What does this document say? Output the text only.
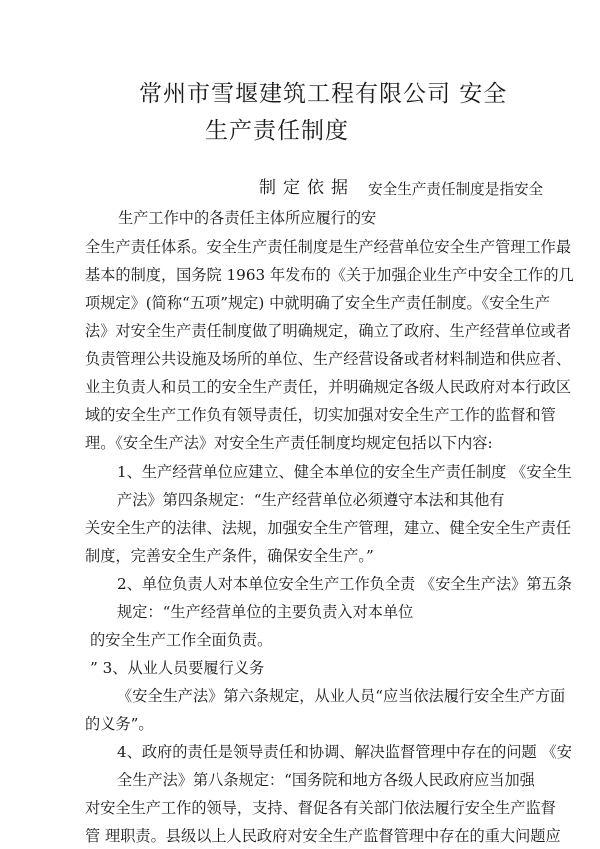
常州市雪堰建筑工程有限公司 安全
生产责任制度
制定依据 安全生产责任制度是指安全
生产工作中的各责任主体所应履行的安
全生产责任体系。安全生产责任制度是生产经营单位安全生产管理工作最
基本的制度，国务院 1963 年发布的《关于加强企业生产中安全工作的几
项规定》(简称“五项”规定) 中就明确了安全生产责任制度。《安全生产
法》对安全生产责任制度做了明确规定，确立了政府、生产经营单位或者
负责管理公共设施及场所的单位、生产经营设备或者材料制造和供应者、
业主负责人和员工的安全生产责任，并明确规定各级人民政府对本行政区
域的安全生产工作负有领导责任，切实加强对安全生产工作的监督和管
理。《安全生产法》对安全生产责任制度均规定包括以下内容:
1、生产经营单位应建立、健全本单位的安全生产责任制度 《安全生
产法》第四条规定：“生产经营单位必须遵守本法和其他有
关安全生产的法律、法规，加强安全生产管理，建立、健全安全生产责任
制度，完善安全生产条件，确保安全生产。”
2、单位负责人对本单位安全生产工作负全责 《安全生产法》第五条
规定：“生产经营单位的主要负责入对本单位
的安全生产工作全面负责。
” 3、从业人员要履行义务
《安全生产法》第六条规定，从业人员“应当依法履行安全生产方面
的义务”。
4、政府的责任是领导责任和协调、解决监督管理中存在的问题 《安
全生产法》第八条规定：“国务院和地方各级人民政府应当加强
对安全生产工作的领导，支持、督促各有关部门依法履行安全生产监督
管 理职责。县级以上人民政府对安全生产监督管理中存在的重大问题应
